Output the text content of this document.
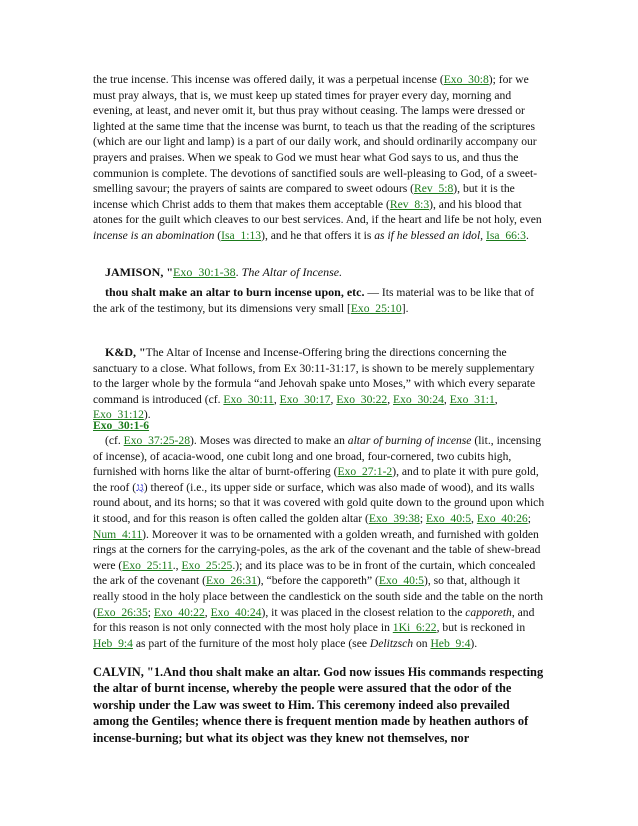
the true incense. This incense was offered daily, it was a perpetual incense (Exo_30:8); for we must pray always, that is, we must keep up stated times for prayer every day, morning and evening, at least, and never omit it, but thus pray without ceasing. The lamps were dressed or lighted at the same time that the incense was burnt, to teach us that the reading of the scriptures (which are our light and lamp) is a part of our daily work, and should ordinarily accompany our prayers and praises. When we speak to God we must hear what God says to us, and thus the communion is complete. The devotions of sanctified souls are well-pleasing to God, of a sweet-smelling savour; the prayers of saints are compared to sweet odours (Rev_5:8), but it is the incense which Christ adds to them that makes them acceptable (Rev_8:3), and his blood that atones for the guilt which cleaves to our best services. And, if the heart and life be not holy, even incense is an abomination (Isa_1:13), and he that offers it is as if he blessed an idol, Isa_66:3.

JAMISON, "Exo_30:1-38. The Altar of Incense.

thou shalt make an altar to burn incense upon, etc. — Its material was to be like that of the ark of the testimony, but its dimensions very small [Exo_25:10].

K&D, "The Altar of Incense and Incense-Offering bring the directions concerning the sanctuary to a close. What follows, from Ex 30:11-31:17, is shown to be merely supplementary to the larger whole by the formula “and Jehovah spake unto Moses,” with which every separate command is introduced (cf. Exo_30:11, Exo_30:17, Exo_30:22, Exo_30:24, Exo_31:1, Exo_31:12).

Exo_30:1-6

(cf. Exo_37:25-28). Moses was directed to make an altar of burning of incense (lit., incensing of incense), of acacia-wood, one cubit long and one broad, four-cornered, two cubits high, furnished with horns like the altar of burnt-offering (Exo_27:1-2), and to plate it with pure gold, the roof (גַּג) thereof (i.e., its upper side or surface, which was also made of wood), and its walls round about, and its horns; so that it was covered with gold quite down to the ground upon which it stood, and for this reason is often called the golden altar (Exo_39:38; Exo_40:5, Exo_40:26; Num_4:11). Moreover it was to be ornamented with a golden wreath, and furnished with golden rings at the corners for the carrying-poles, as the ark of the covenant and the table of shew-bread were (Exo_25:11., Exo_25:25.); and its place was to be in front of the curtain, which concealed the ark of the covenant (Exo_26:31), “before the capporeth” (Exo_40:5), so that, although it really stood in the holy place between the candlestick on the south side and the table on the north (Exo_26:35; Exo_40:22, Exo_40:24), it was placed in the closest relation to the capporeth, and for this reason is not only connected with the most holy place in 1Ki_6:22, but is reckoned in Heb_9:4 as part of the furniture of the most holy place (see Delitzsch on Heb_9:4).

CALVIN, "1.And thou shalt make an altar. God now issues His commands respecting the altar of burnt incense, whereby the people were assured that the odor of the worship under the Law was sweet to Him. This ceremony indeed also prevailed among the Gentiles; whence there is frequent mention made by heathen authors of incense-burning; but what its object was they knew not themselves, nor
